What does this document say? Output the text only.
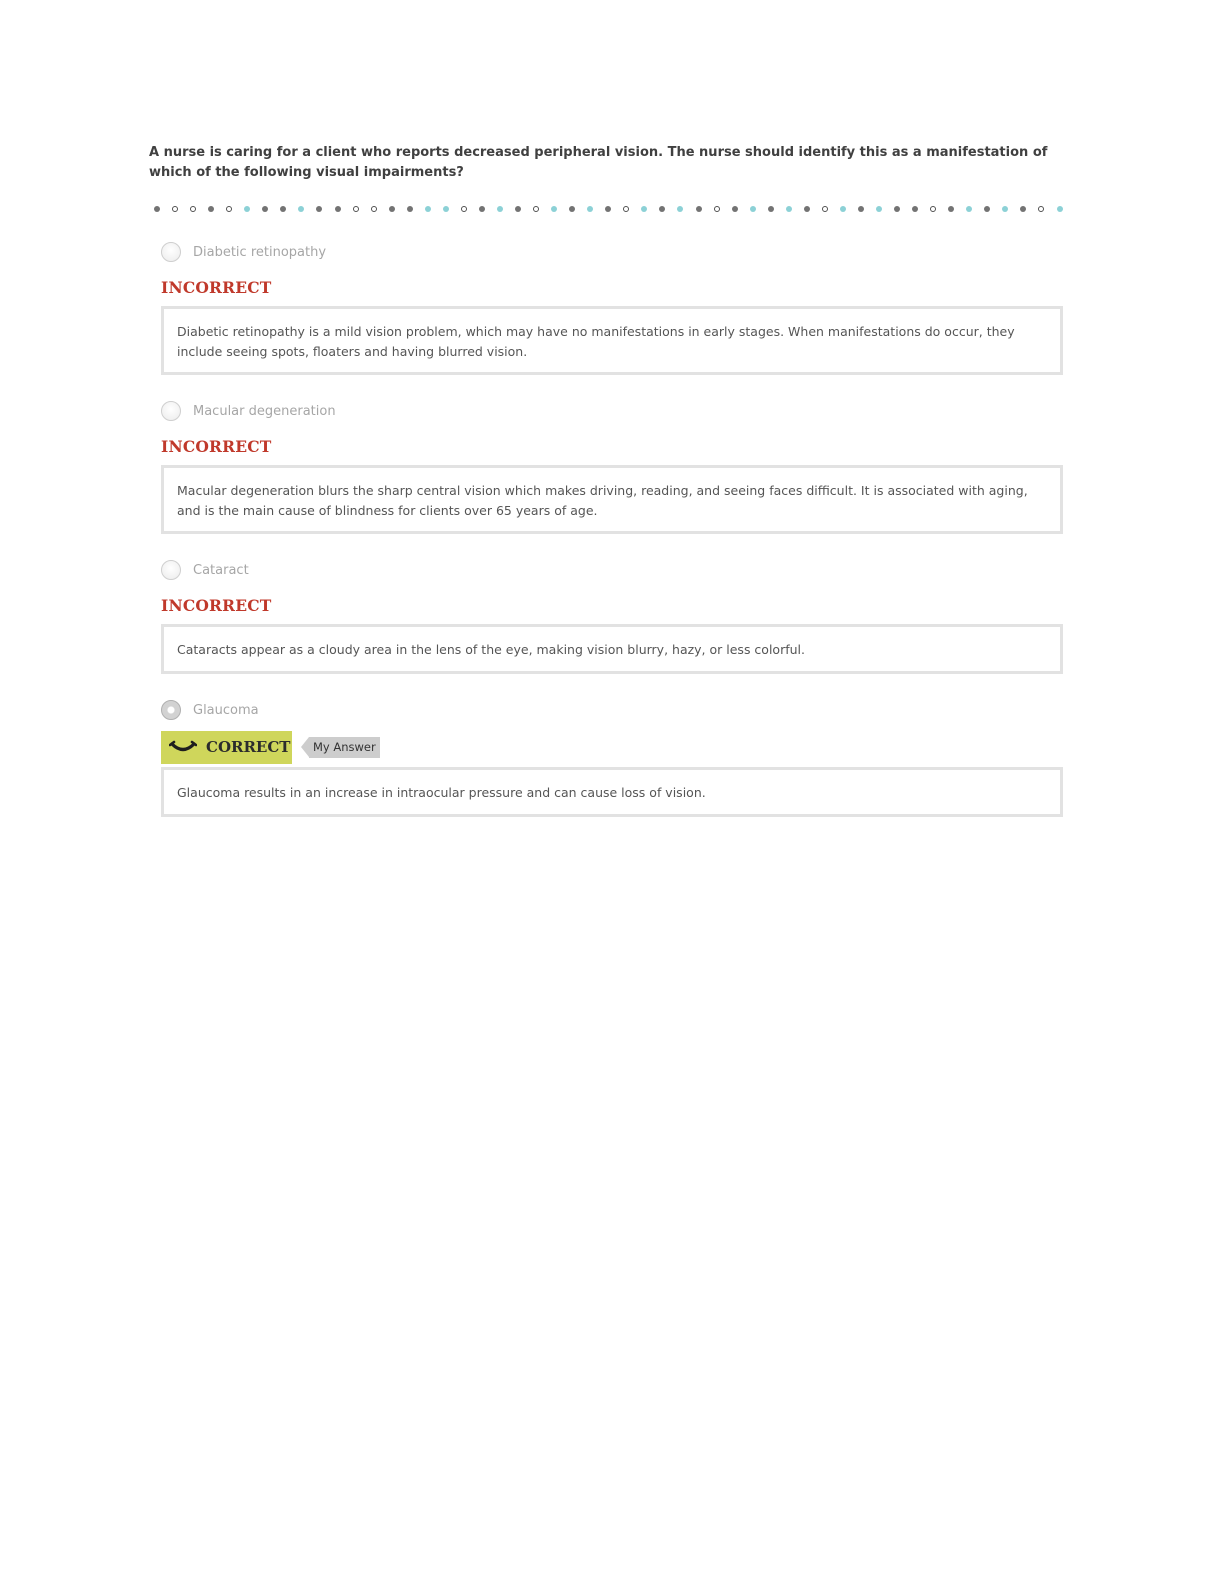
A nurse is caring for a client who reports decreased peripheral vision. The nurse should identify this as a manifestation of which of the following visual impairments?
Diabetic retinopathy
INCORRECT
Diabetic retinopathy is a mild vision problem, which may have no manifestations in early stages. When manifestations do occur, they include seeing spots, floaters and having blurred vision.
Macular degeneration
INCORRECT
Macular degeneration blurs the sharp central vision which makes driving, reading, and seeing faces difficult. It is associated with aging, and is the main cause of blindness for clients over 65 years of age.
Cataract
INCORRECT
Cataracts appear as a cloudy area in the lens of the eye, making vision blurry, hazy, or less colorful.
Glaucoma
CORRECT	My Answer
Glaucoma results in an increase in intraocular pressure and can cause loss of vision.
